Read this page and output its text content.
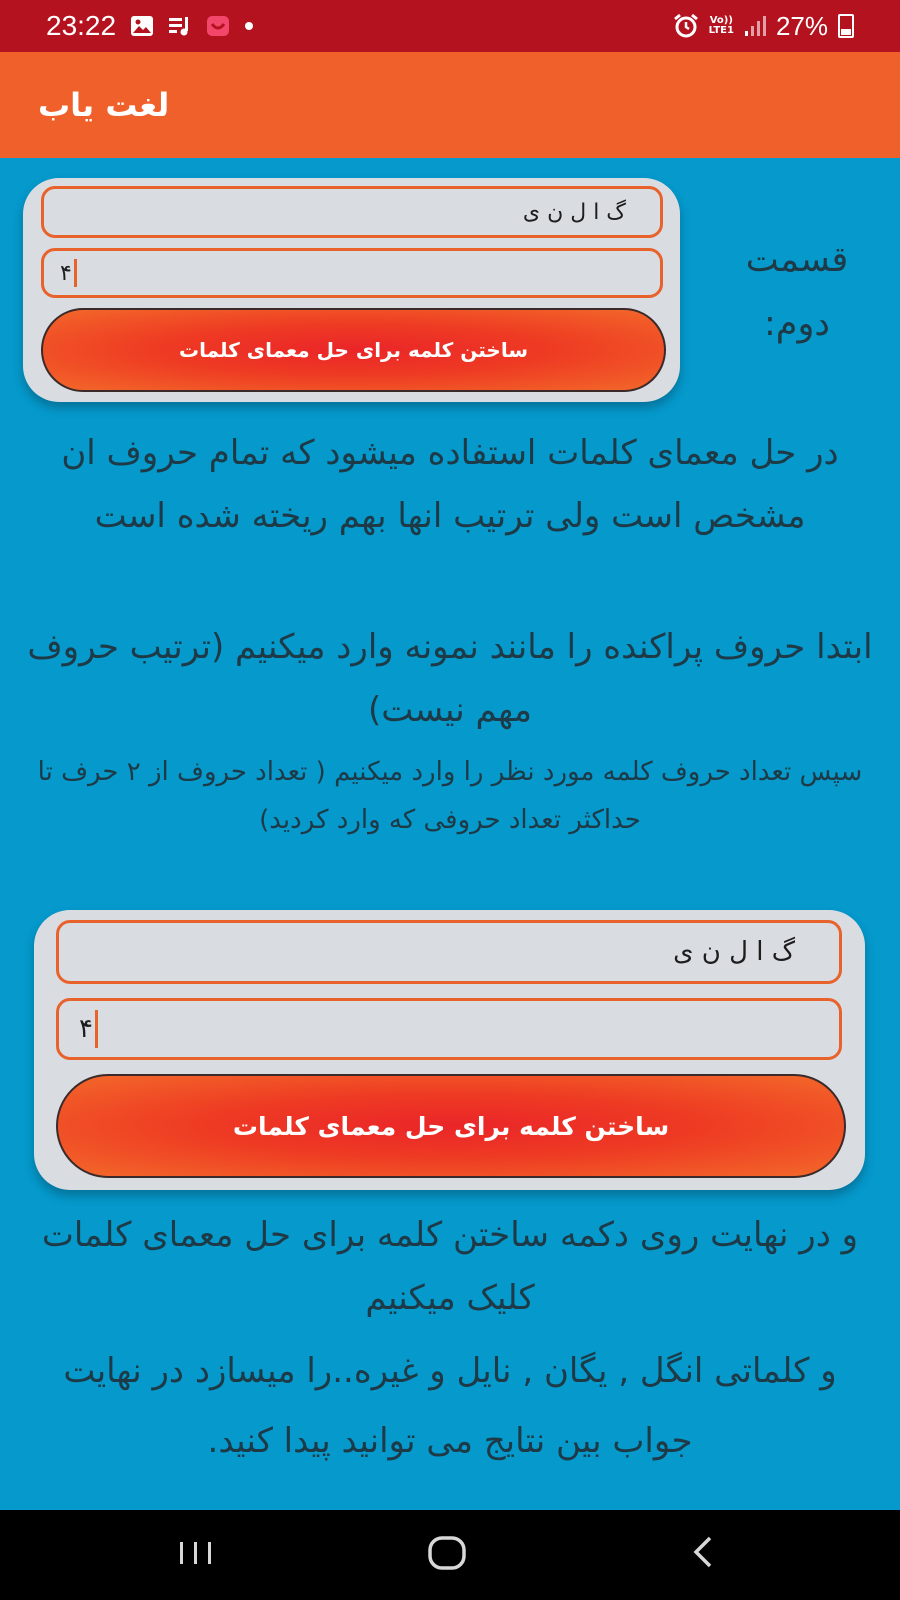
23:22	Vo))
LTE1 27%
لغت یاب
گ ا ل ن ی
۴
ساختن کلمه برای حل معمای کلمات
قسمت دوم:
در حل معمای کلمات استفاده میشود که تمام حروف ان مشخص است ولی ترتیب انها بهم ریخته شده است
ابتدا حروف پراکنده را مانند نمونه وارد میکنیم (ترتیب حروف مهم نیست)
سپس تعداد حروف کلمه مورد نظر را وارد میکنیم ( تعداد حروف از ۲ حرف تا حداکثر تعداد حروفی که وارد کردید)
گ ا ل ن ی
۴
ساختن کلمه برای حل معمای کلمات
و در نهایت روی دکمه ساختن کلمه برای حل معمای کلمات کلیک میکنیم
و کلماتی انگل , یگان , نایل و غیره..را میسازد در نهایت جواب بین نتایج می توانید پیدا کنید.
